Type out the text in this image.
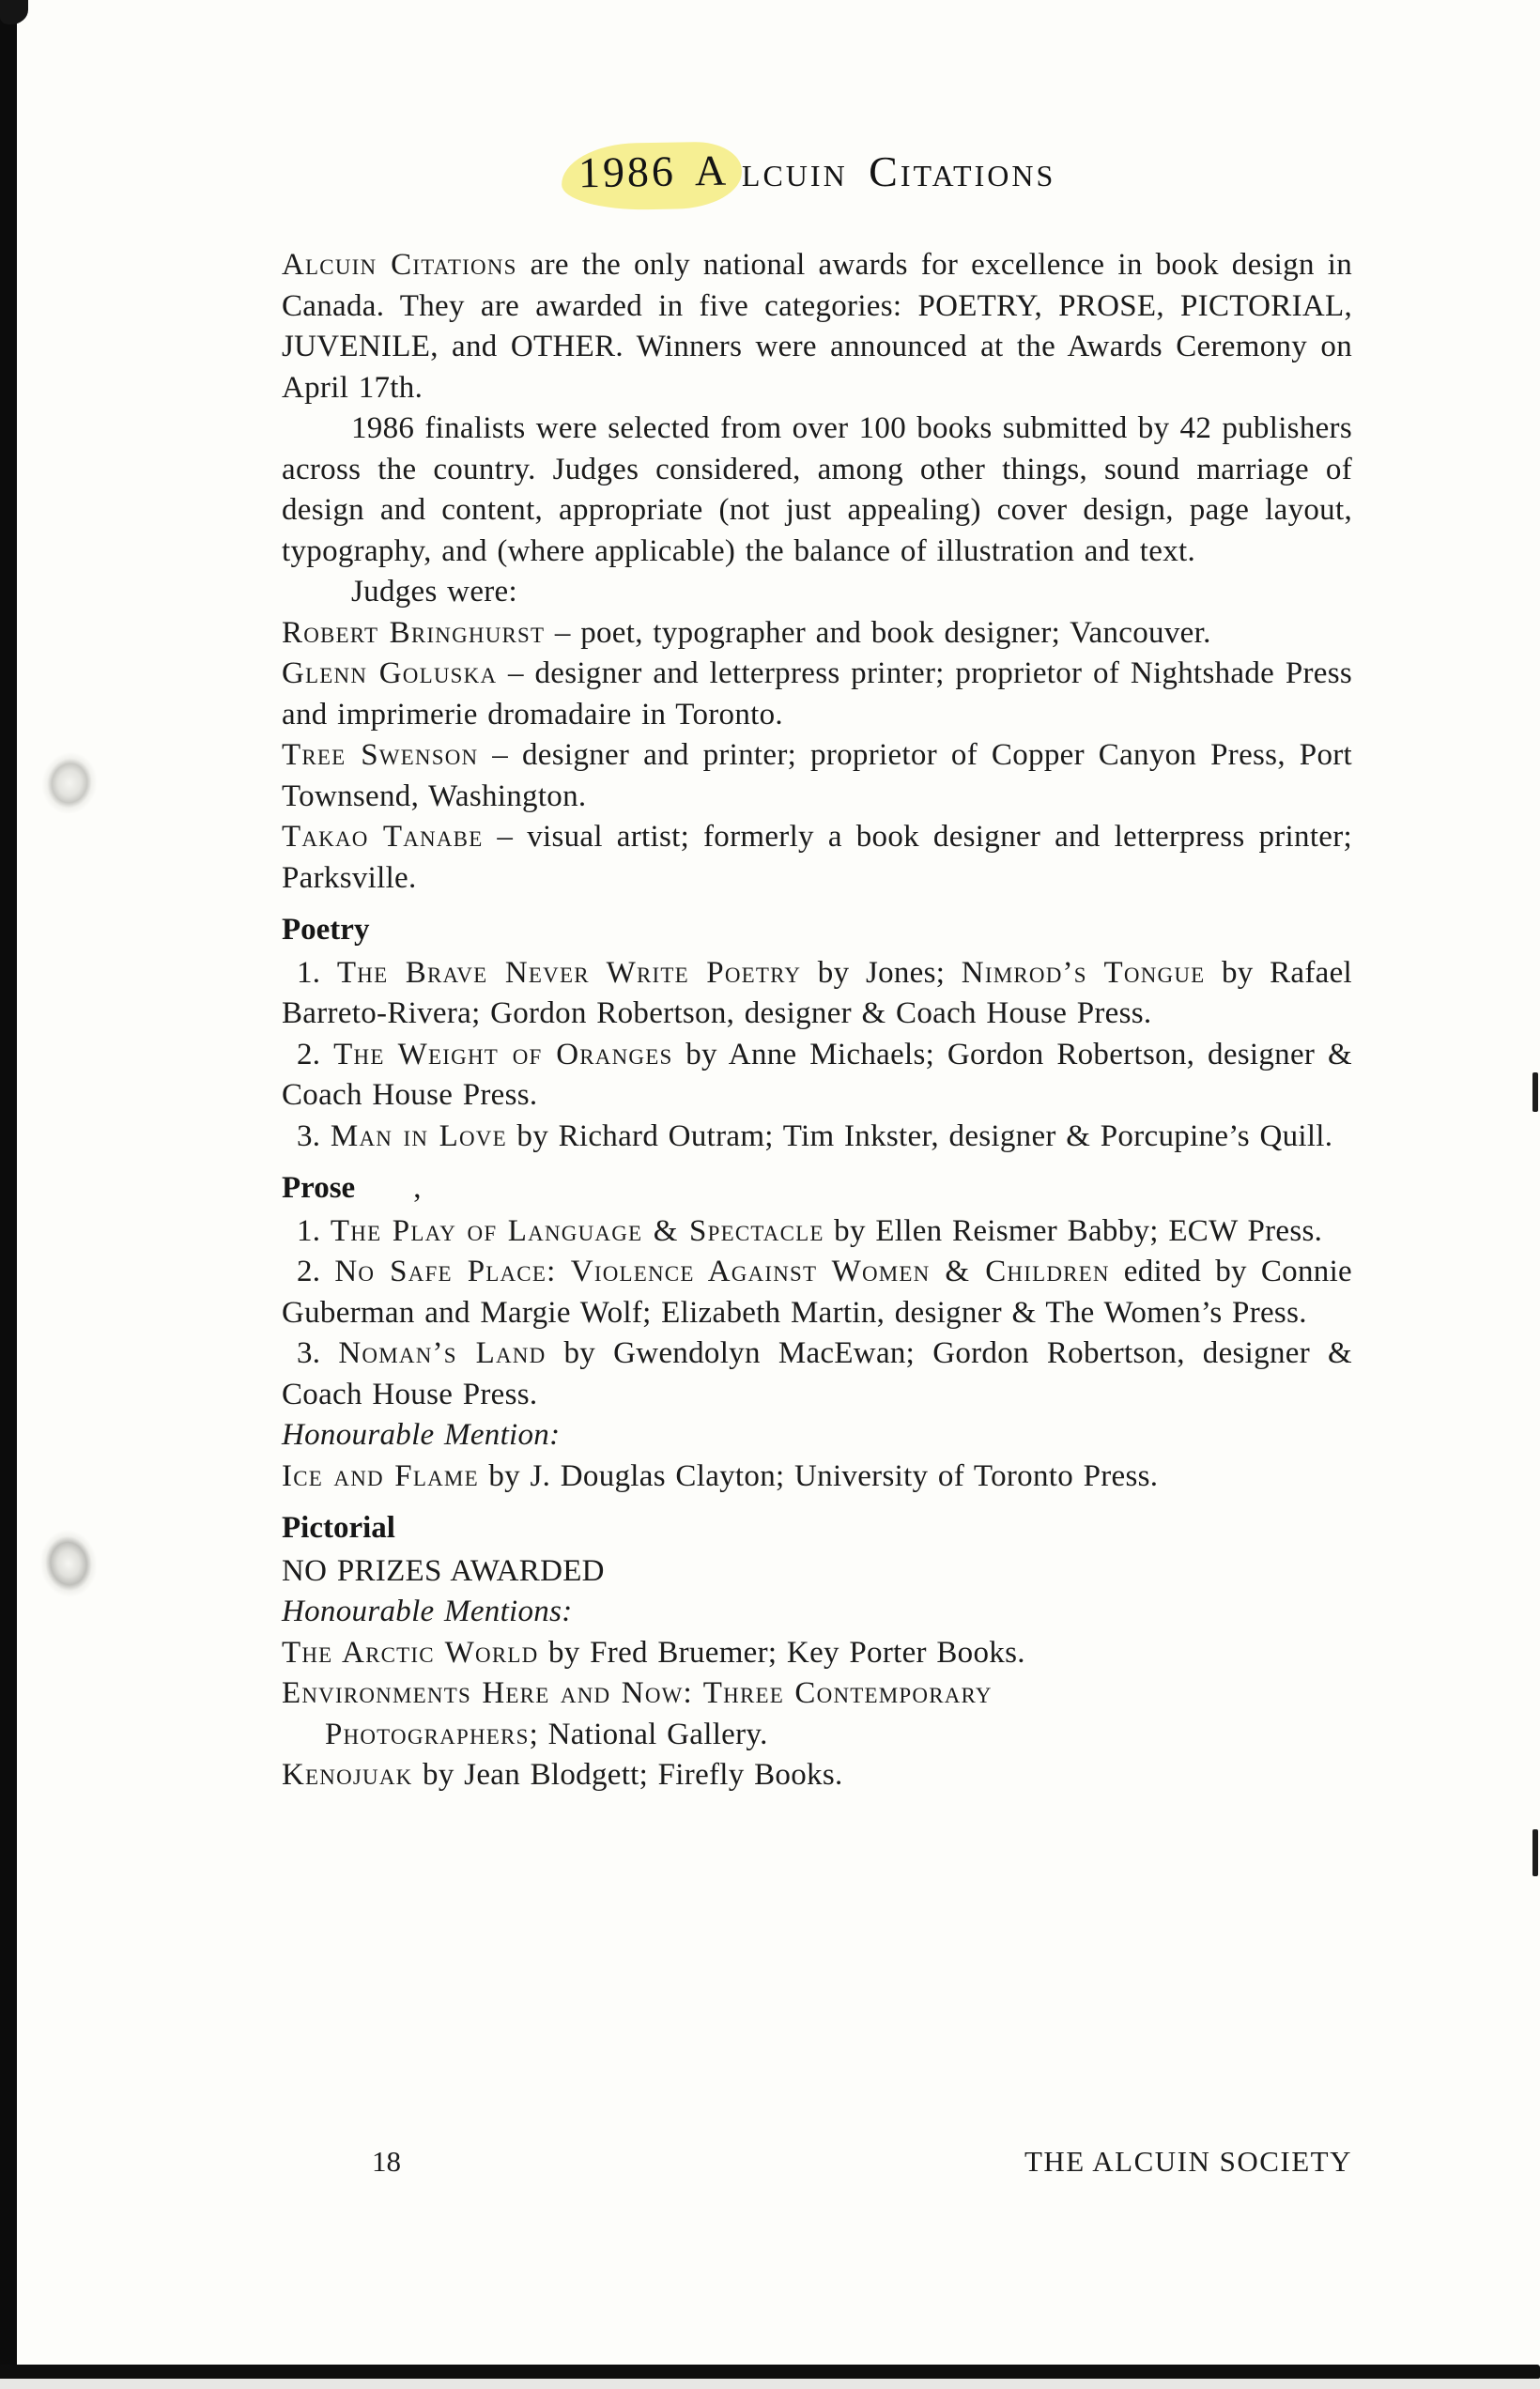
1986 A lcuin Citations

Alcuin Citations are the only national awards for excellence in book design in Canada. They are awarded in five categories: POETRY, PROSE, PICTORIAL, JUVENILE, and OTHER. Winners were announced at the Awards Ceremony on April 17th.

1986 finalists were selected from over 100 books submitted by 42 publishers across the country. Judges considered, among other things, sound marriage of design and content, appropriate (not just appealing) cover design, page layout, typography, and (where applicable) the balance of illustration and text.

Judges were:

Robert Bringhurst – poet, typographer and book designer; Vancouver.

Glenn Goluska – designer and letterpress printer; proprietor of Nightshade Press and imprimerie dromadaire in Toronto.

Tree Swenson – designer and printer; proprietor of Copper Canyon Press, Port Townsend, Washington.

Takao Tanabe – visual artist; formerly a book designer and letterpress printer; Parksville.

Poetry

1. The Brave Never Write Poetry by Jones; Nimrod’s Tongue by Rafael Barreto-Rivera; Gordon Robertson, designer & Coach House Press.

2. The Weight of Oranges by Anne Michaels; Gordon Robertson, designer & Coach House Press.

3. Man in Love by Richard Outram; Tim Inkster, designer & Porcupine’s Quill.

Prose ,

1. The Play of Language & Spectacle by Ellen Reismer Babby; ECW Press.

2. No Safe Place: Violence Against Women & Children edited by Connie Guberman and Margie Wolf; Elizabeth Martin, designer & The Women’s Press.

3. Noman’s Land by Gwendolyn MacEwan; Gordon Robertson, designer & Coach House Press.

Honourable Mention:

Ice and Flame by J. Douglas Clayton; University of Toronto Press.

Pictorial

NO PRIZES AWARDED

Honourable Mentions:

The Arctic World by Fred Bruemer; Key Porter Books.

Environments Here and Now: Three Contemporary

Photographers; National Gallery.

Kenojuak by Jean Blodgett; Firefly Books.

18	THE ALCUIN SOCIETY
